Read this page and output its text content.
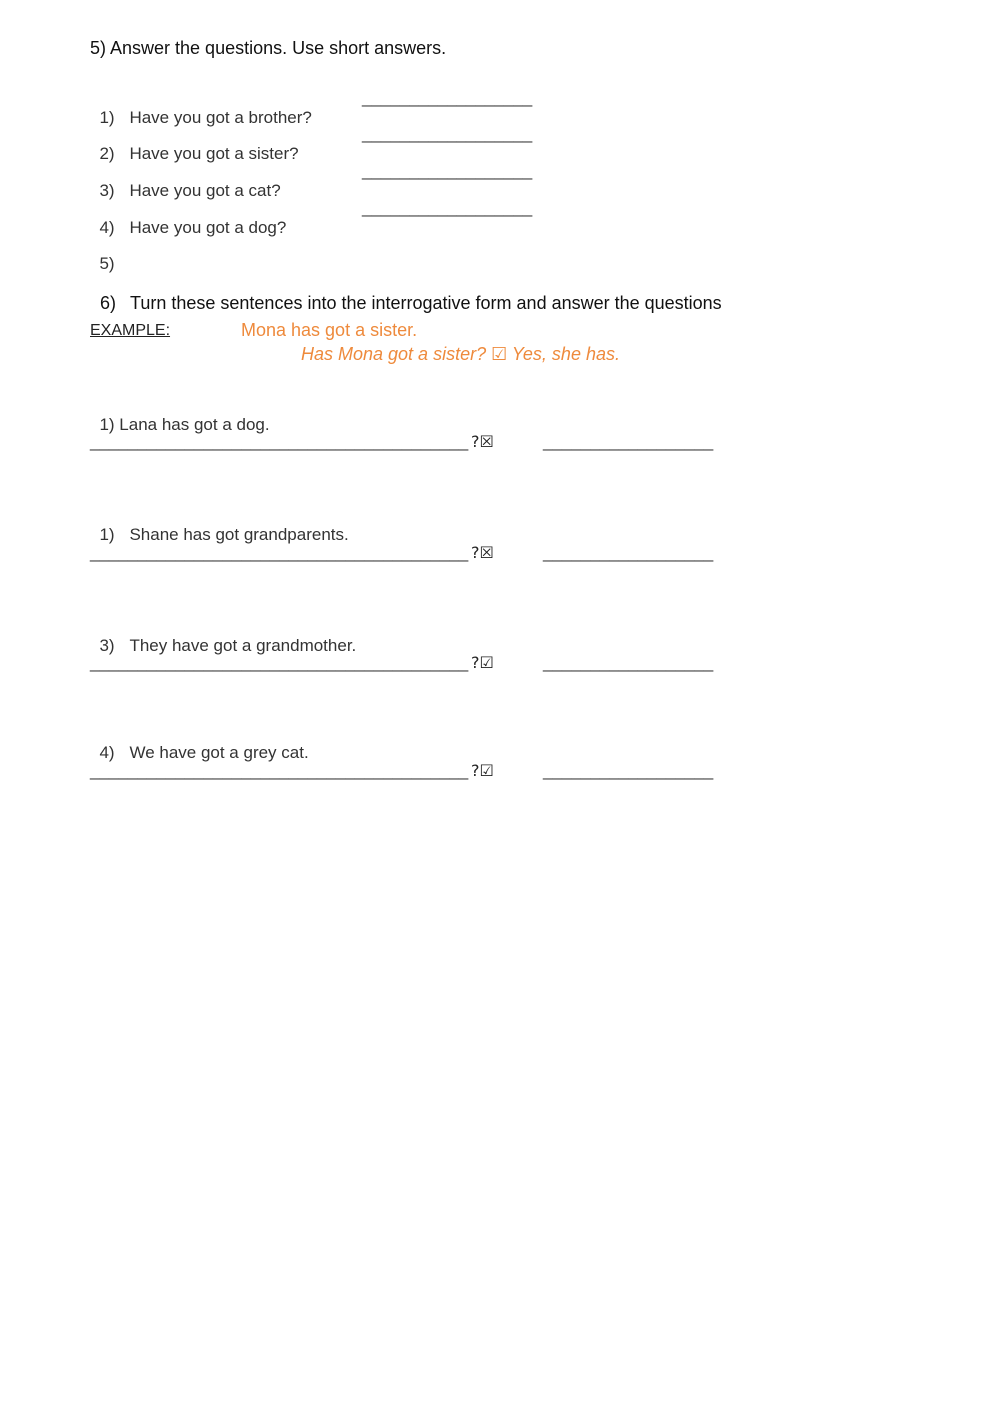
5) Answer the questions. Use short answers.

1) Have you got a brother?

__________________

2) Have you got a sister?

__________________

3) Have you got a cat?

__________________

4) Have you got a dog?

__________________

5)

6) Turn these sentences into the interrogative form and answer the questions

EXAMPLE:	Mona has got a sister.
Has Mona got a sister? ☑ Yes, she has.

1) Lana has got a dog.

________________________________________ ?☒	__________________

1) Shane has got grandparents.

________________________________________ ?☒	__________________

3) They have got a grandmother.

________________________________________ ?☑	__________________

4) We have got a grey cat.

________________________________________ ?☑	__________________
